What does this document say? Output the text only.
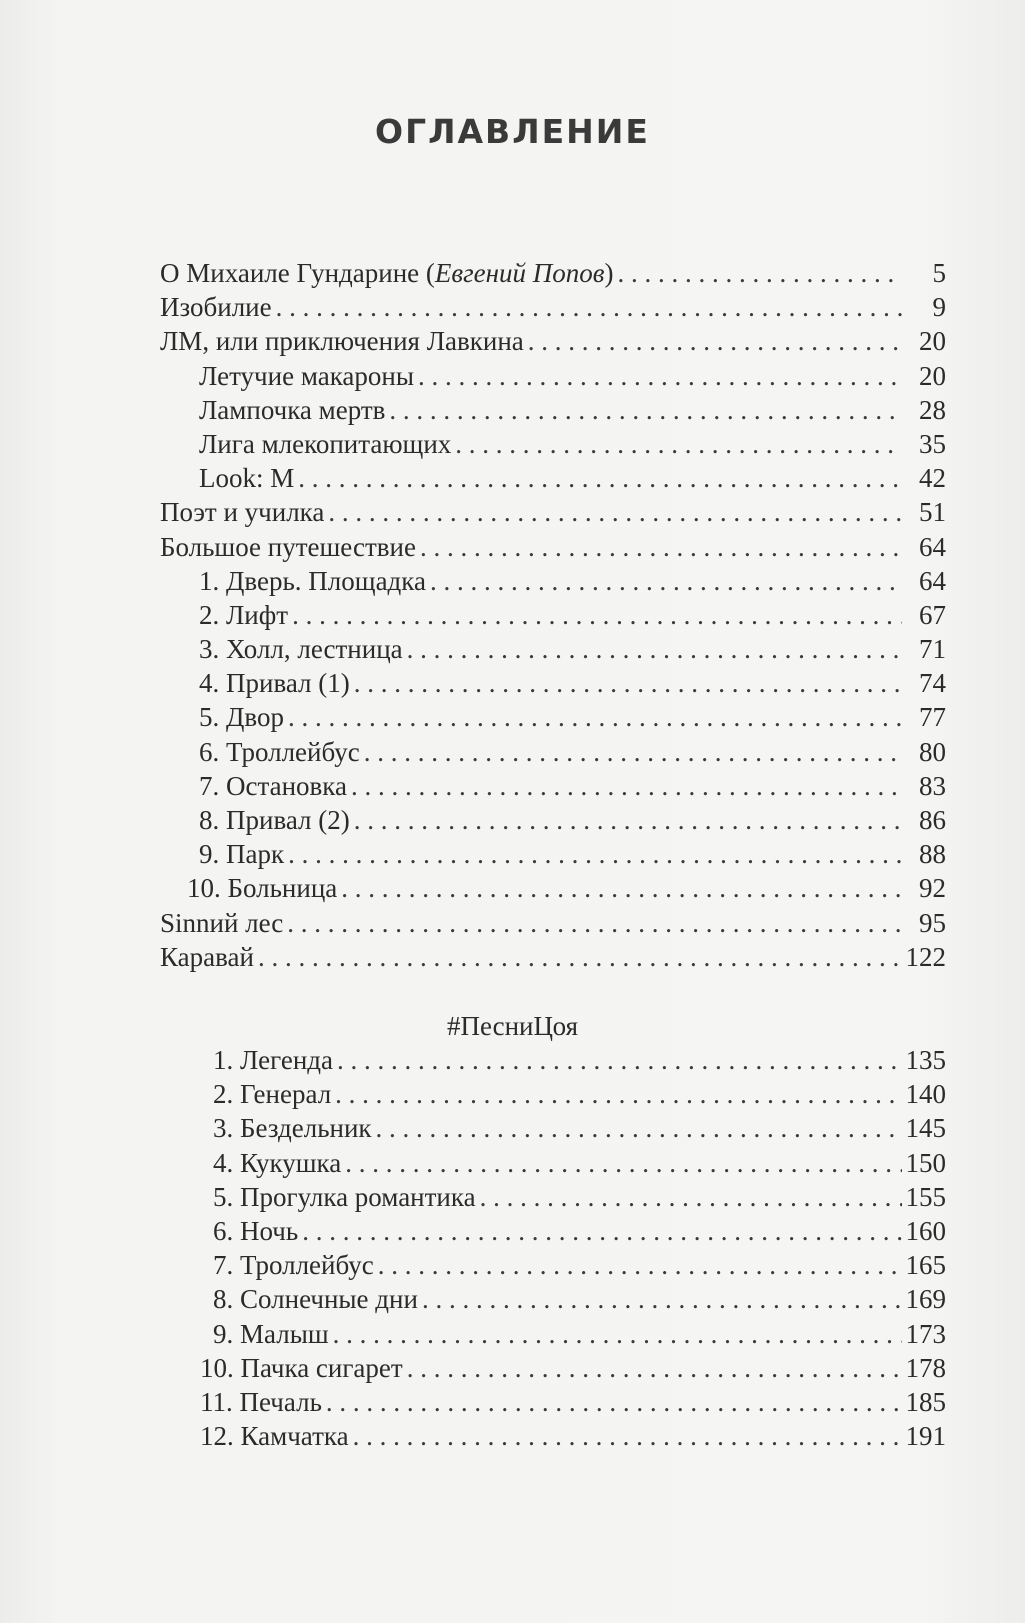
ОГЛАВЛЕНИЕ
О Михаиле Гундарине (Евгений Попов) . . .	5
Изобилие . . .	9
ЛМ, или приключения Лавкина . . .	20
Летучие макароны . . .	20
Лампочка мертв . . .	28
Лига млекопитающих . . .	35
Look: M . . .	42
Поэт и училка . . .	51
Большое путешествие . . .	64
1. Дверь. Площадка . . .	64
2. Лифт . . .	67
3. Холл, лестница . . .	71
4. Привал (1) . . .	74
5. Двор . . .	77
6. Троллейбус . . .	80
7. Остановка . . .	83
8. Привал (2) . . .	86
9. Парк . . .	88
10. Больница . . .	92
Sinnий лес . . .	95
Каравай . . .	122
#ПесниЦоя
1. Легенда . . .	135
2. Генерал . . .	140
3. Бездельник . . .	145
4. Кукушка . . .	150
5. Прогулка романтика . . .	155
6. Ночь . . .	160
7. Троллейбус . . .	165
8. Солнечные дни . . .	169
9. Малыш . . .	173
10. Пачка сигарет . . .	178
11. Печаль . . .	185
12. Камчатка . . .	191
